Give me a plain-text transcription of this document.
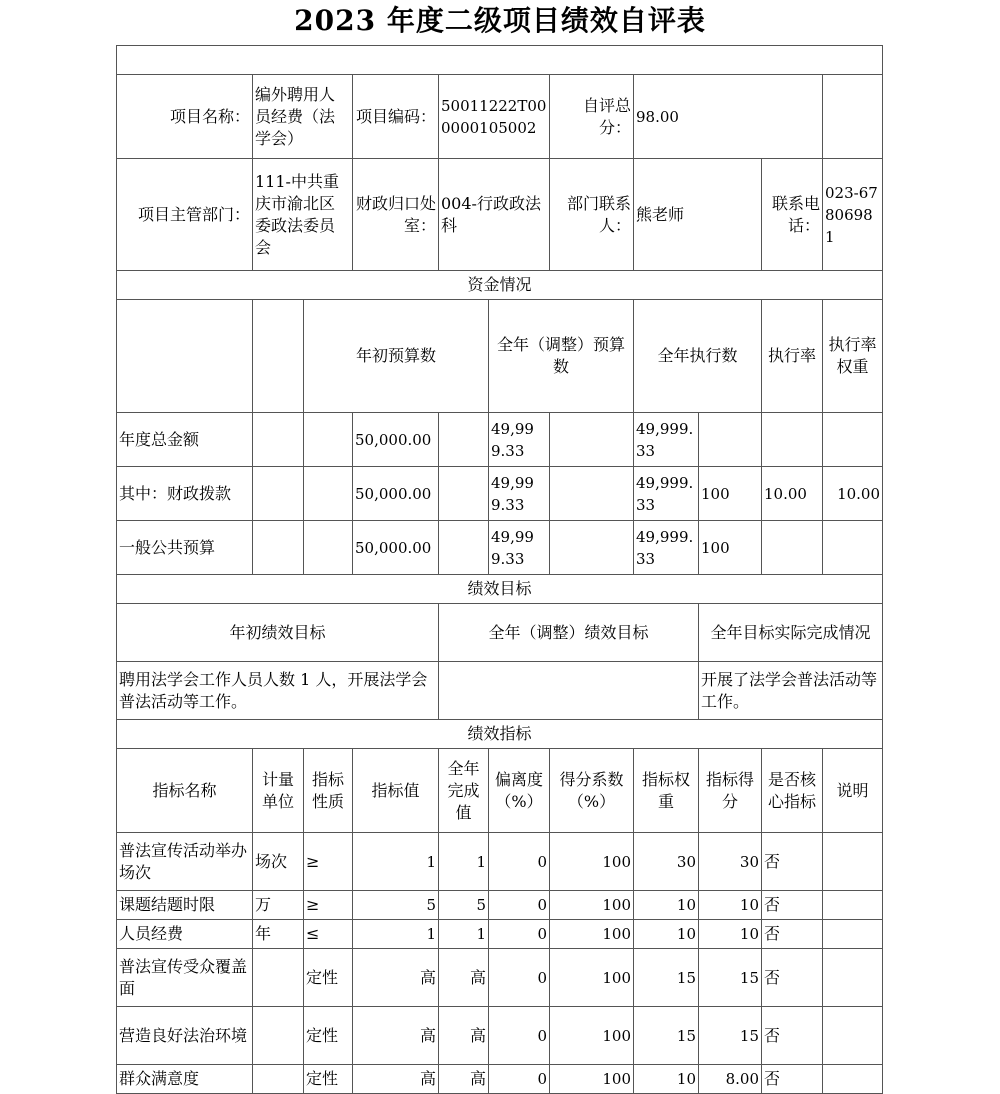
2023 年度二级项目绩效自评表

项目名称：	编外聘用人员经费（法学会）		项目编码：	50011222T000000105002		自评总分：	98.00				
项目主管部门：	111-中共重庆市渝北区委政法委员会		财政归口处室：	004-行政政法科		部门联系人：	熊老师		联系电话：	023-67806981	
资金情况											
		年初预算数			全年（调整）预算数		全年执行数		执行率	执行率权重	
年度总金额			50,000.00		49,999.33		49,999.33				
其中：财政拨款			50,000.00		49,999.33		49,999.33	100	10.00	10.00	
一般公共预算			50,000.00		49,999.33		49,999.33	100			
绩效目标											
年初绩效目标				全年（调整）绩效目标				全年目标实际完成情况			
聘用法学会工作人员人数 1 人，开展法学会普法活动等工作。								开展了法学会普法活动等工作。			
绩效指标											
指标名称	计量单位	指标性质	指标值	全年完成值	偏离度（%）	得分系数（%）	指标权重	指标得分	是否核心指标	说明	
普法宣传活动举办场次	场次	≥	1	1	0	100	30	30	否		
课题结题时限	万	≥	5	5	0	100	10	10	否		
人员经费	年	≤	1	1	0	100	10	10	否		
普法宣传受众覆盖面		定性	高	高	0	100	15	15	否		
营造良好法治环境		定性	高	高	0	100	15	15	否		
群众满意度		定性	高	高	0	100	10	8.00	否		
